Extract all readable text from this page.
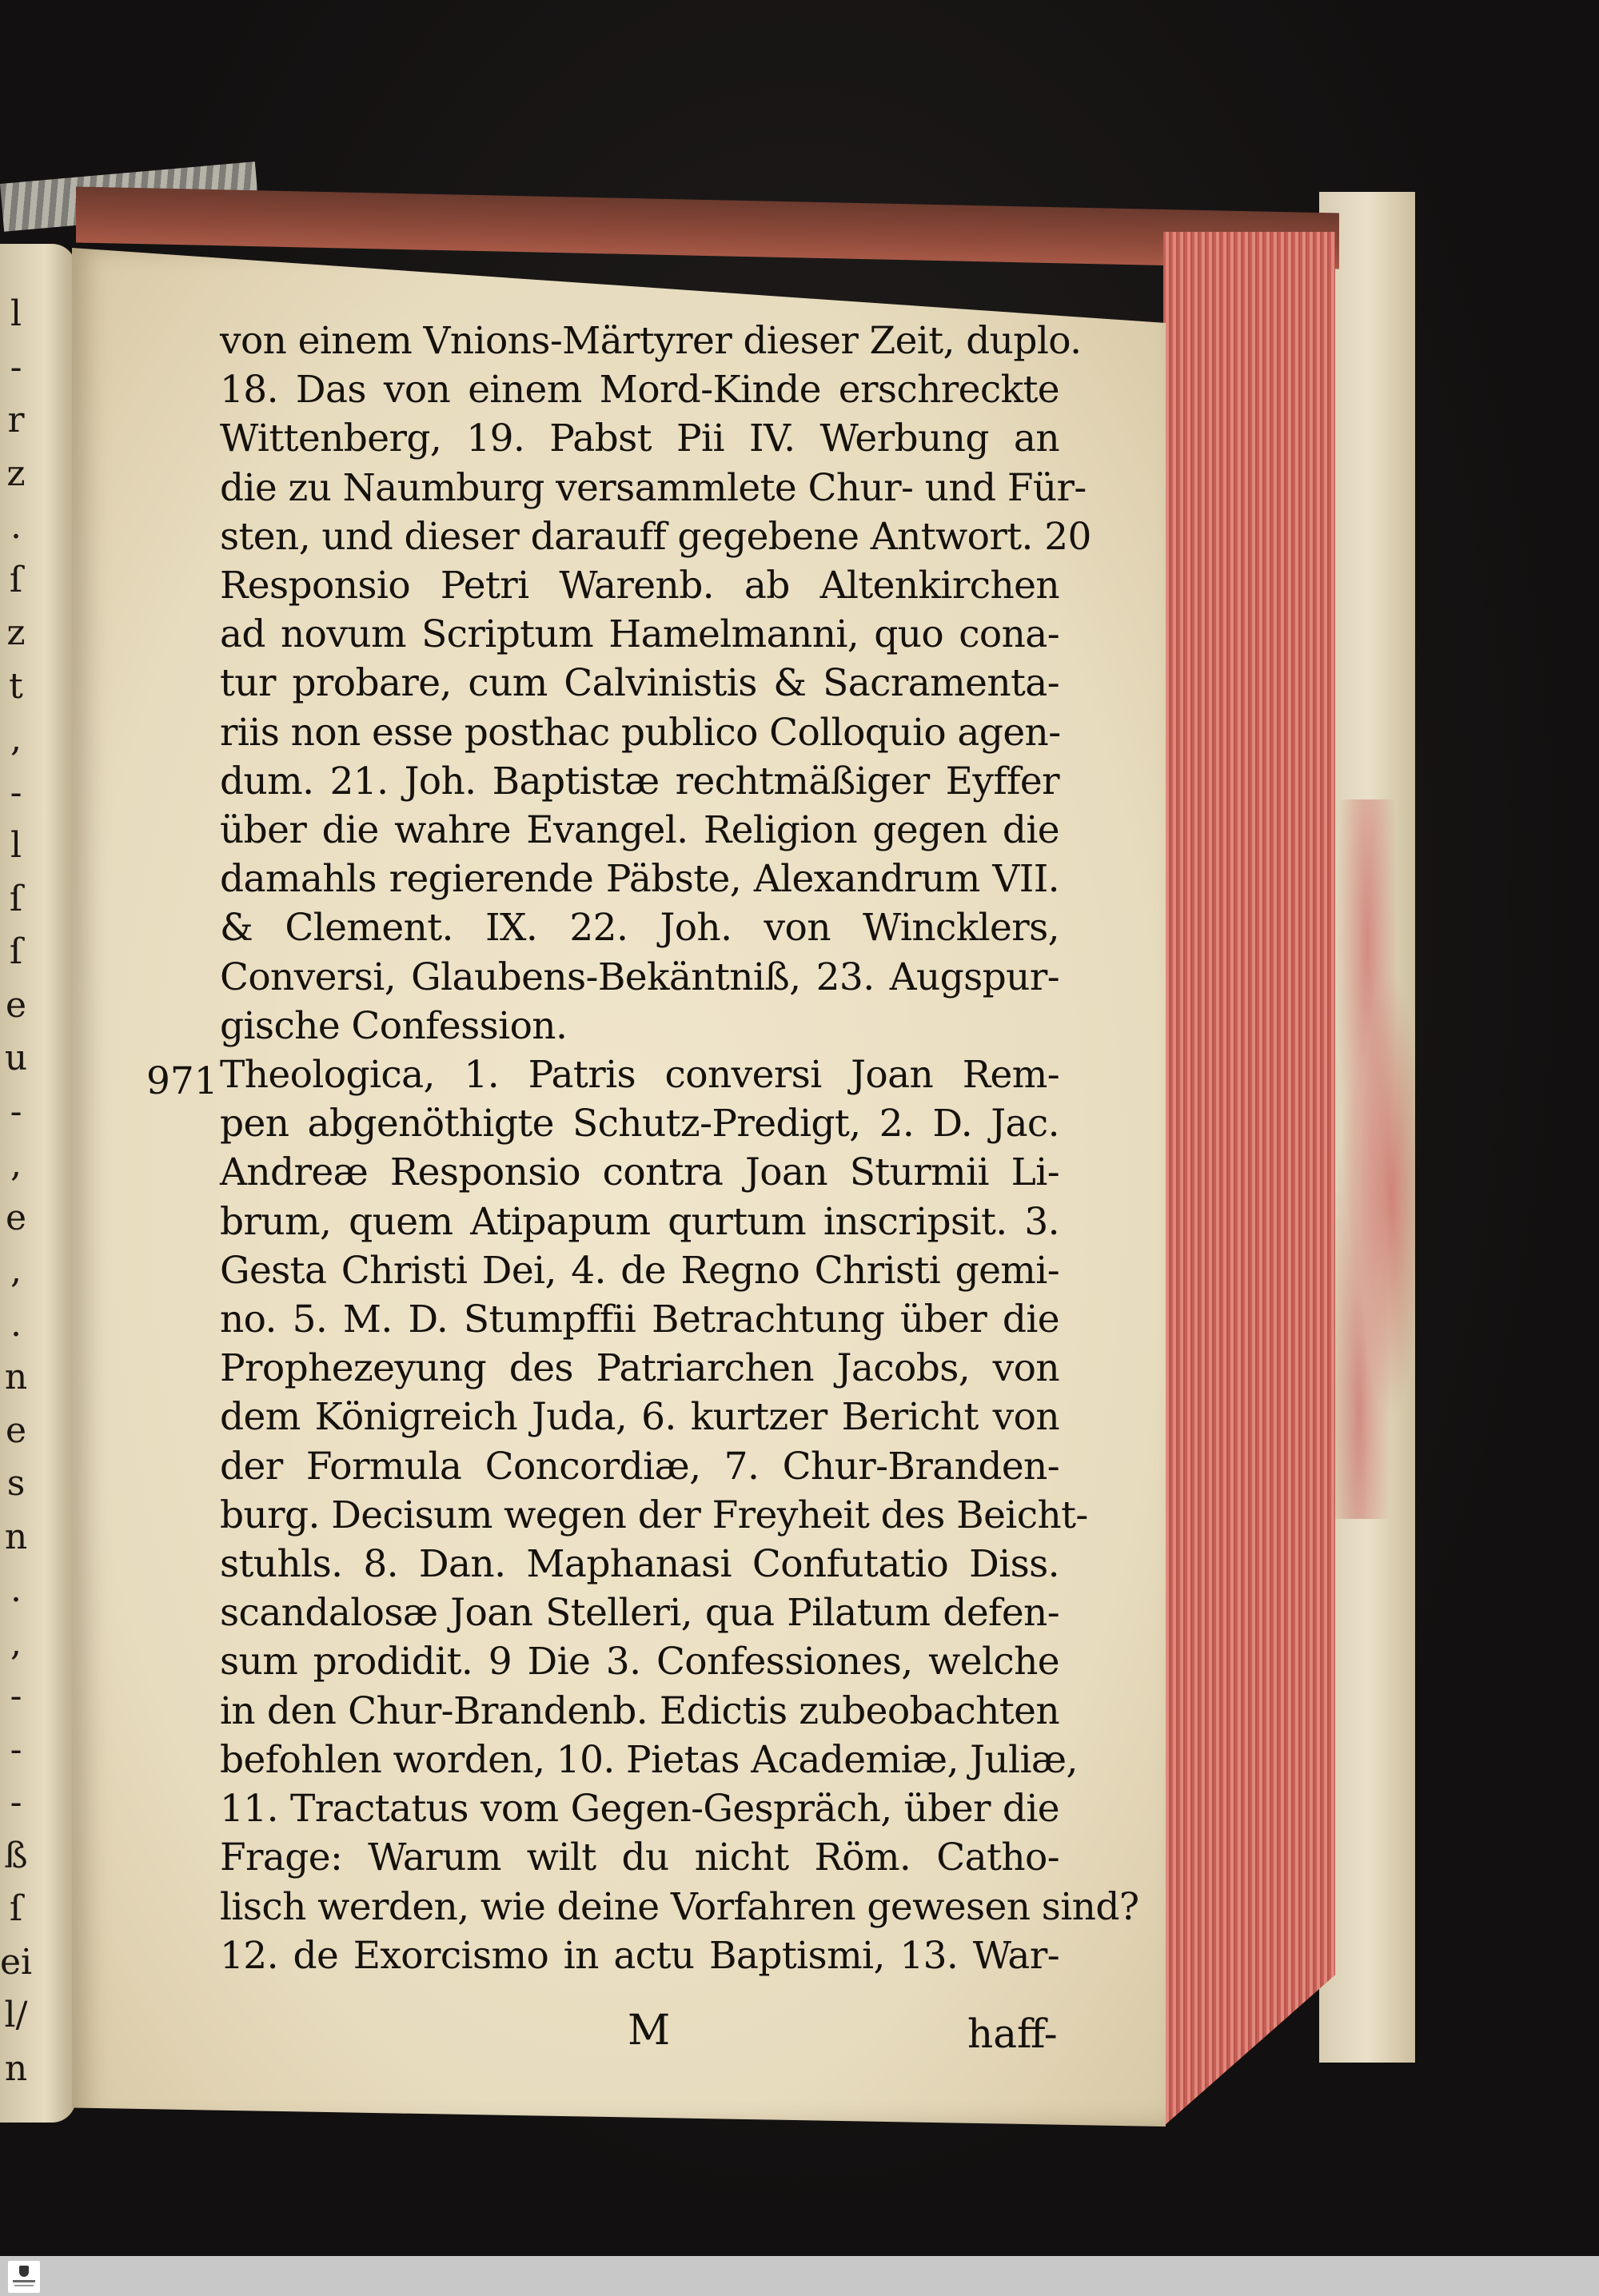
l
-
r
z
.
ſ
z
t
,
-
l
ſ
ſ
e
u
-
,
e
,
.
n
e
s
n
.
,
-
-
-
ß
ſ
ei
l/
n
von einem Vnions-Märtyrer dieser Zeit, duplo.
18. Das von einem Mord-Kinde erschreckte
Wittenberg, 19. Pabst Pii IV. Werbung an
die zu Naumburg versammlete Chur- und Für-
sten, und dieser darauff gegebene Antwort. 20
Responsio Petri Warenb. ab Altenkirchen
ad novum Scriptum Hamelmanni, quo cona-
tur probare, cum Calvinistis & Sacramenta-
riis non esse posthac publico Colloquio agen-
dum. 21. Joh. Baptistæ rechtmäßiger Eyffer
über die wahre Evangel. Religion gegen die
damahls regierende Päbste, Alexandrum VII.
& Clement. IX. 22. Joh. von Wincklers,
Conversi, Glaubens-Bekäntniß, 23. Augspur-
gische Confession.
Theologica, 1. Patris conversi Joan Rem-
pen abgenöthigte Schutz-Predigt, 2. D. Jac.
Andreæ Responsio contra Joan Sturmii Li-
brum, quem Atipapum qurtum inscripsit. 3.
Gesta Christi Dei, 4. de Regno Christi gemi-
no. 5. M. D. Stumpffii Betrachtung über die
Prophezeyung des Patriarchen Jacobs, von
dem Königreich Juda, 6. kurtzer Bericht von
der Formula Concordiæ, 7. Chur-Branden-
burg. Decisum wegen der Freyheit des Beicht-
stuhls. 8. Dan. Maphanasi Confutatio Diss.
scandalosæ Joan Stelleri, qua Pilatum defen-
sum prodidit. 9 Die 3. Confessiones, welche
in den Chur-Brandenb. Edictis zubeobachten
befohlen worden, 10. Pietas Academiæ, Juliæ,
11. Tractatus vom Gegen-Gespräch, über die
Frage: Warum wilt du nicht Röm. Catho-
lisch werden, wie deine Vorfahren gewesen sind?
12. de Exorcismo in actu Baptismi, 13. War-
971
M	haff-
